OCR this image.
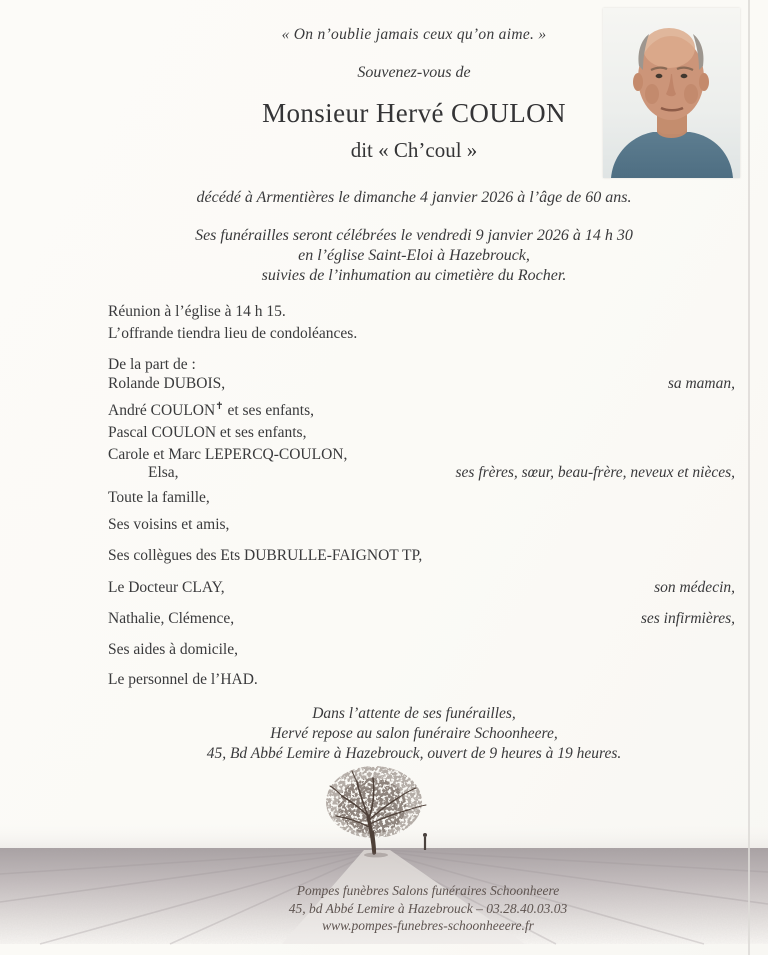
« On n’oublie jamais ceux qu’on aime. »
Souvenez-vous de
Monsieur Hervé COULON
dit « Ch’coul »
décédé à Armentières le dimanche 4 janvier 2026 à l’âge de 60 ans.
Ses funérailles seront célébrées le vendredi 9 janvier 2026 à 14 h 30
en l’église Saint-Eloi à Hazebrouck,
suivies de l’inhumation au cimetière du Rocher.
Réunion à l’église à 14 h 15.
L’offrande tiendra lieu de condoléances.
De la part de :
Rolande DUBOIS,	sa maman,
André COULON✝ et ses enfants,
Pascal COULON et ses enfants,
Carole et Marc LEPERCQ-COULON,
Elsa,	ses frères, sœur, beau-frère, neveux et nièces,
Toute la famille,
Ses voisins et amis,
Ses collègues des Ets DUBRULLE-FAIGNOT TP,
Le Docteur CLAY,	son médecin,
Nathalie, Clémence,	ses infirmières,
Ses aides à domicile,
Le personnel de l’HAD.
Dans l’attente de ses funérailles,
Hervé repose au salon funéraire Schoonheere,
45, Bd Abbé Lemire à Hazebrouck, ouvert de 9 heures à 19 heures.
Pompes funèbres Salons funéraires Schoonheere
45, bd Abbé Lemire à Hazebrouck – 03.28.40.03.03
www.pompes-funebres-schoonheeere.fr
